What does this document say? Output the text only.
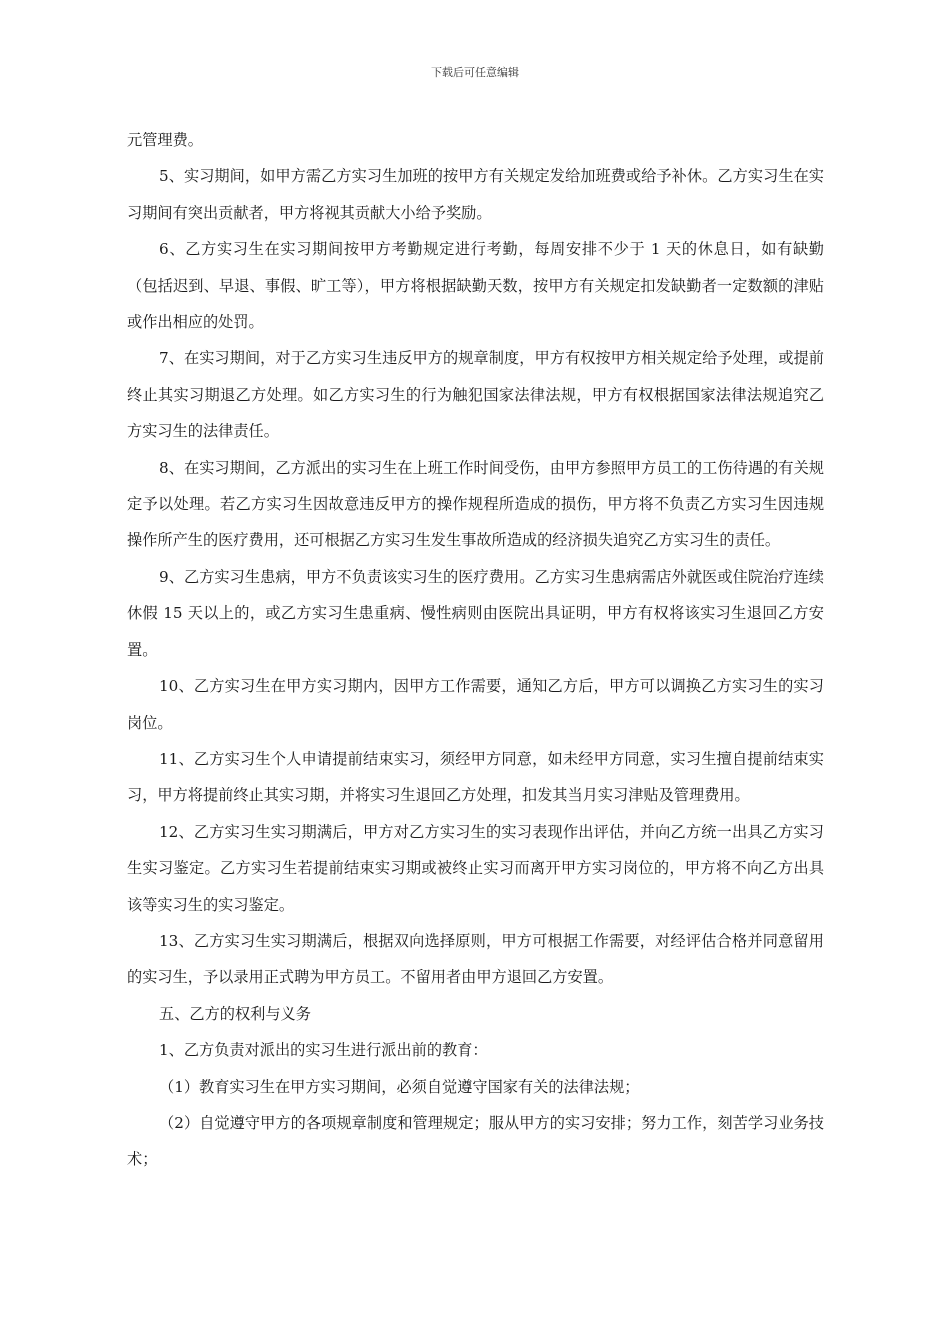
下载后可任意编辑

元管理费。

5、实习期间，如甲方需乙方实习生加班的按甲方有关规定发给加班费或给予补休。乙方实习生在实习期间有突出贡献者，甲方将视其贡献大小给予奖励。

6、乙方实习生在实习期间按甲方考勤规定进行考勤，每周安排不少于 1 天的休息日，如有缺勤（包括迟到、早退、事假、旷工等），甲方将根据缺勤天数，按甲方有关规定扣发缺勤者一定数额的津贴或作出相应的处罚。

7、在实习期间，对于乙方实习生违反甲方的规章制度，甲方有权按甲方相关规定给予处理，或提前终止其实习期退乙方处理。如乙方实习生的行为触犯国家法律法规，甲方有权根据国家法律法规追究乙方实习生的法律责任。

8、在实习期间，乙方派出的实习生在上班工作时间受伤，由甲方参照甲方员工的工伤待遇的有关规定予以处理。若乙方实习生因故意违反甲方的操作规程所造成的损伤，甲方将不负责乙方实习生因违规操作所产生的医疗费用，还可根据乙方实习生发生事故所造成的经济损失追究乙方实习生的责任。

9、乙方实习生患病，甲方不负责该实习生的医疗费用。乙方实习生患病需店外就医或住院治疗连续休假 15 天以上的，或乙方实习生患重病、慢性病则由医院出具证明，甲方有权将该实习生退回乙方安置。

10、乙方实习生在甲方实习期内，因甲方工作需要，通知乙方后，甲方可以调换乙方实习生的实习岗位。

11、乙方实习生个人申请提前结束实习，须经甲方同意，如未经甲方同意，实习生擅自提前结束实习，甲方将提前终止其实习期，并将实习生退回乙方处理，扣发其当月实习津贴及管理费用。

12、乙方实习生实习期满后，甲方对乙方实习生的实习表现作出评估，并向乙方统一出具乙方实习生实习鉴定。乙方实习生若提前结束实习期或被终止实习而离开甲方实习岗位的，甲方将不向乙方出具该等实习生的实习鉴定。

13、乙方实习生实习期满后，根据双向选择原则，甲方可根据工作需要，对经评估合格并同意留用的实习生，予以录用正式聘为甲方员工。不留用者由甲方退回乙方安置。

五、乙方的权利与义务

1、乙方负责对派出的实习生进行派出前的教育：

（1）教育实习生在甲方实习期间，必须自觉遵守国家有关的法律法规；

（2）自觉遵守甲方的各项规章制度和管理规定；服从甲方的实习安排；努力工作，刻苦学习业务技术；
